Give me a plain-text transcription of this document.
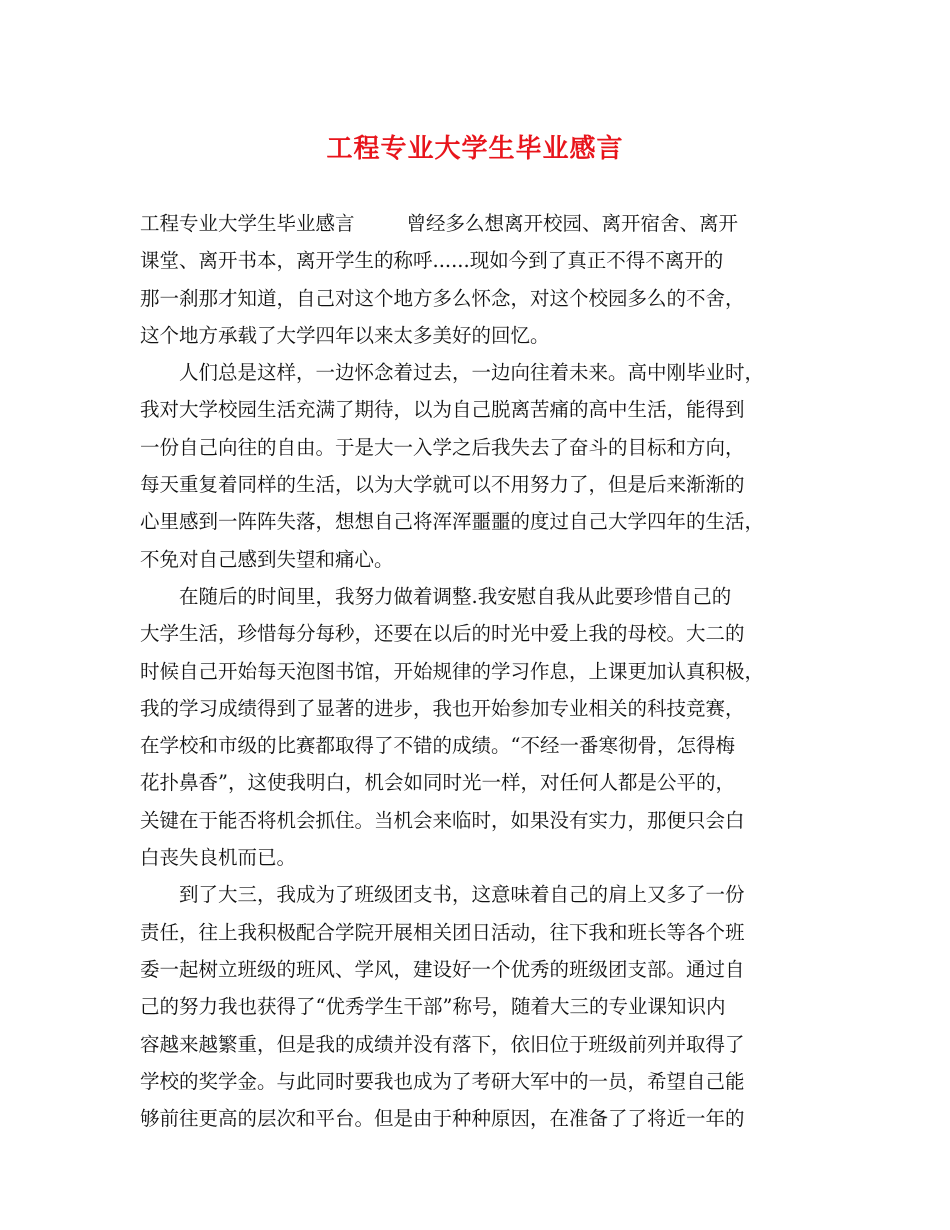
工程专业大学生毕业感言
工程专业大学生毕业感言	曾经多么想离开校园、离开宿舍、离开
课堂、离开书本，离开学生的称呼......现如今到了真正不得不离开的
那一刹那才知道，自己对这个地方多么怀念，对这个校园多么的不舍，
这个地方承载了大学四年以来太多美好的回忆。
　　人们总是这样，一边怀念着过去，一边向往着未来。高中刚毕业时，
我对大学校园生活充满了期待，以为自己脱离苦痛的高中生活，能得到
一份自己向往的自由。于是大一入学之后我失去了奋斗的目标和方向，
每天重复着同样的生活，以为大学就可以不用努力了，但是后来渐渐的
心里感到一阵阵失落，想想自己将浑浑噩噩的度过自己大学四年的生活，
不免对自己感到失望和痛心。
　　在随后的时间里，我努力做着调整.我安慰自我从此要珍惜自己的
大学生活，珍惜每分每秒，还要在以后的时光中爱上我的母校。大二的
时候自己开始每天泡图书馆，开始规律的学习作息，上课更加认真积极，
我的学习成绩得到了显著的进步，我也开始参加专业相关的科技竞赛，
在学校和市级的比赛都取得了不错的成绩。“不经一番寒彻骨，怎得梅
花扑鼻香”，这使我明白，机会如同时光一样，对任何人都是公平的，
关键在于能否将机会抓住。当机会来临时，如果没有实力，那便只会白
白丧失良机而已。
　　到了大三，我成为了班级团支书，这意味着自己的肩上又多了一份
责任，往上我积极配合学院开展相关团日活动，往下我和班长等各个班
委一起树立班级的班风、学风，建设好一个优秀的班级团支部。通过自
己的努力我也获得了“优秀学生干部”称号，随着大三的专业课知识内
容越来越繁重，但是我的成绩并没有落下，依旧位于班级前列并取得了
学校的奖学金。与此同时要我也成为了考研大军中的一员，希望自己能
够前往更高的层次和平台。但是由于种种原因，在准备了了将近一年的
